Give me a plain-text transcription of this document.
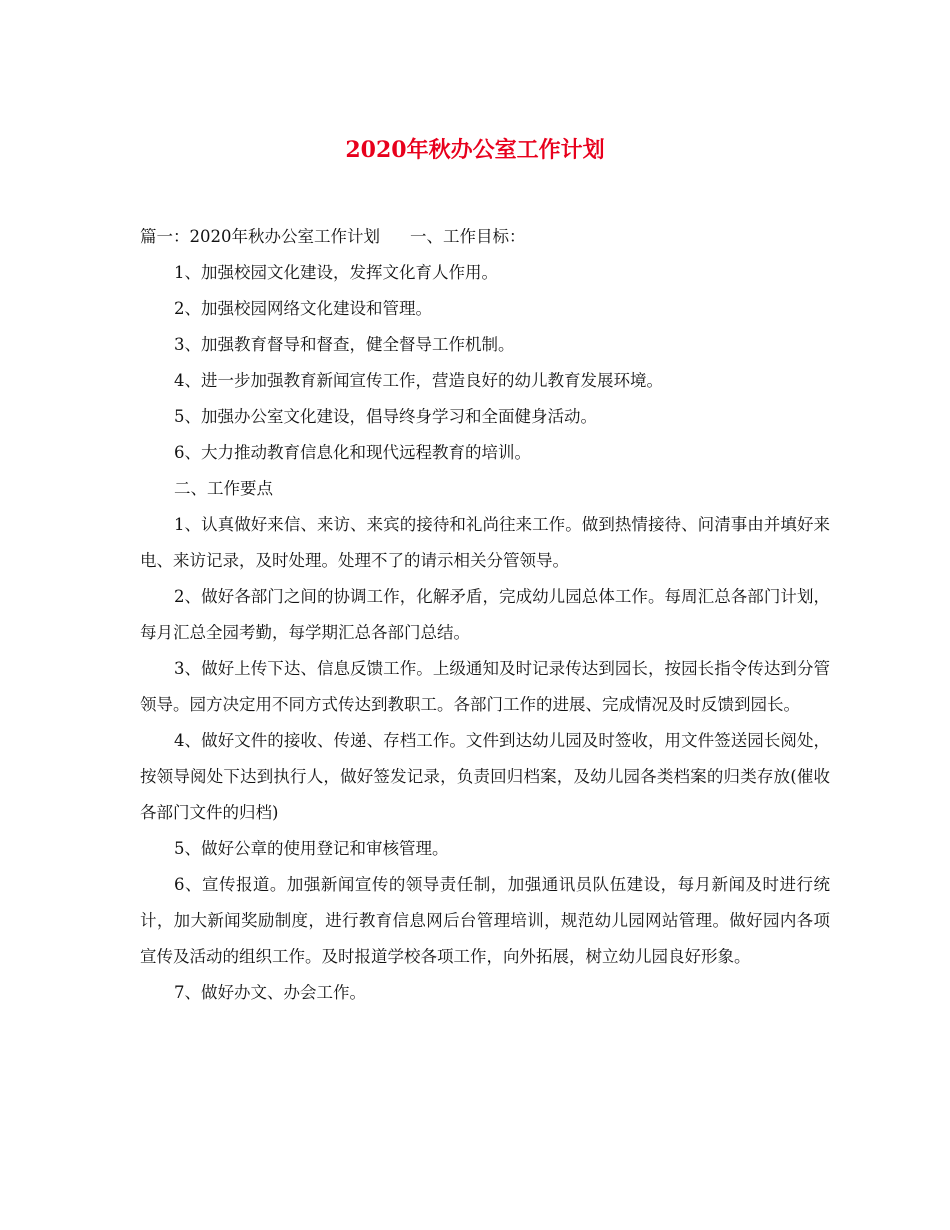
2020年秋办公室工作计划

篇一：2020年秋办公室工作计划 一、工作目标：

1、加强校园文化建设，发挥文化育人作用。

2、加强校园网络文化建设和管理。

3、加强教育督导和督查，健全督导工作机制。

4、进一步加强教育新闻宣传工作，营造良好的幼儿教育发展环境。

5、加强办公室文化建设，倡导终身学习和全面健身活动。

6、大力推动教育信息化和现代远程教育的培训。

二、工作要点

1、认真做好来信、来访、来宾的接待和礼尚往来工作。做到热情接待、问清事由并填好来电、来访记录，及时处理。处理不了的请示相关分管领导。

2、做好各部门之间的协调工作，化解矛盾，完成幼儿园总体工作。每周汇总各部门计划，每月汇总全园考勤，每学期汇总各部门总结。

3、做好上传下达、信息反馈工作。上级通知及时记录传达到园长，按园长指令传达到分管领导。园方决定用不同方式传达到教职工。各部门工作的进展、完成情况及时反馈到园长。

4、做好文件的接收、传递、存档工作。文件到达幼儿园及时签收，用文件签送园长阅处，按领导阅处下达到执行人，做好签发记录，负责回归档案，及幼儿园各类档案的归类存放(催收各部门文件的归档)

5、做好公章的使用登记和审核管理。

6、宣传报道。加强新闻宣传的领导责任制，加强通讯员队伍建设，每月新闻及时进行统计，加大新闻奖励制度，进行教育信息网后台管理培训，规范幼儿园网站管理。做好园内各项宣传及活动的组织工作。及时报道学校各项工作，向外拓展，树立幼儿园良好形象。

7、做好办文、办会工作。
